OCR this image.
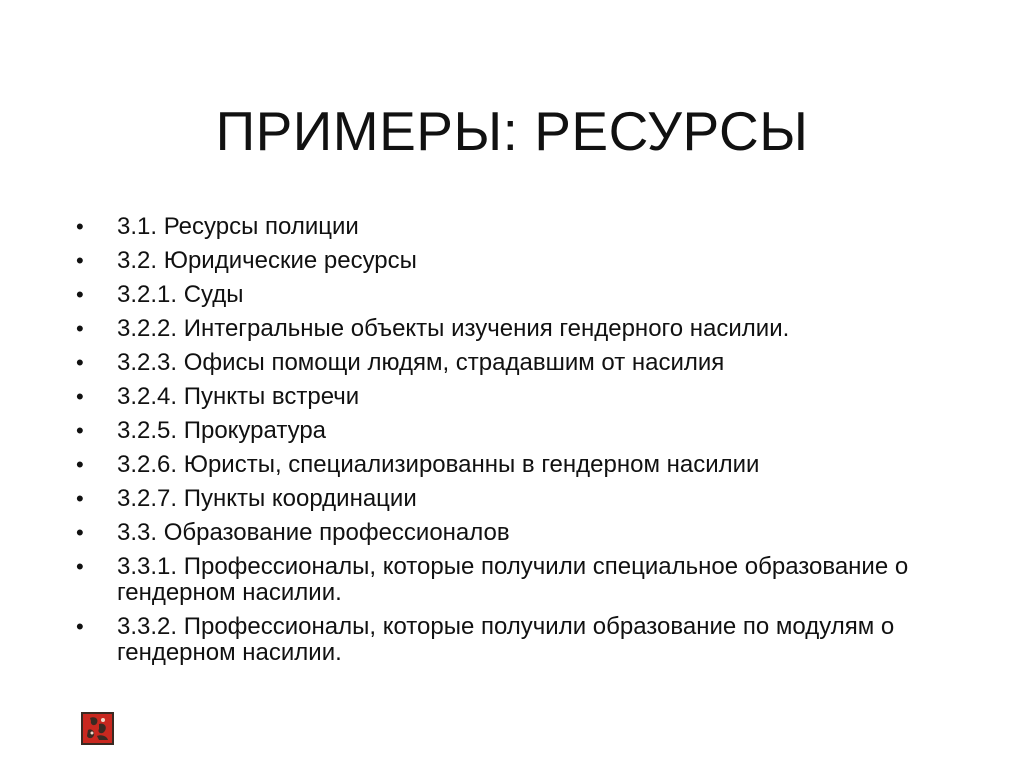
ПРИМЕРЫ: РЕСУРСЫ
•	3.1. Ресурсы полиции
•	3.2. Юридические ресурсы
•	3.2.1. Суды
•	3.2.2. Интегральные объекты изучения гендерного насилии.
•	3.2.3. Офисы помощи людям, страдавшим от насилия
•	3.2.4. Пункты встречи
•	3.2.5. Прокуратура
•	3.2.6. Юристы, специализированны в гендерном насилии
•	3.2.7. Пункты координации
•	3.3. Образование профессионалов
•	3.3.1. Профессионалы, которые получили специальное образование о гендерном насилии.
•	3.3.2. Профессионалы, которые получили образование по модулям о гендерном насилии.
